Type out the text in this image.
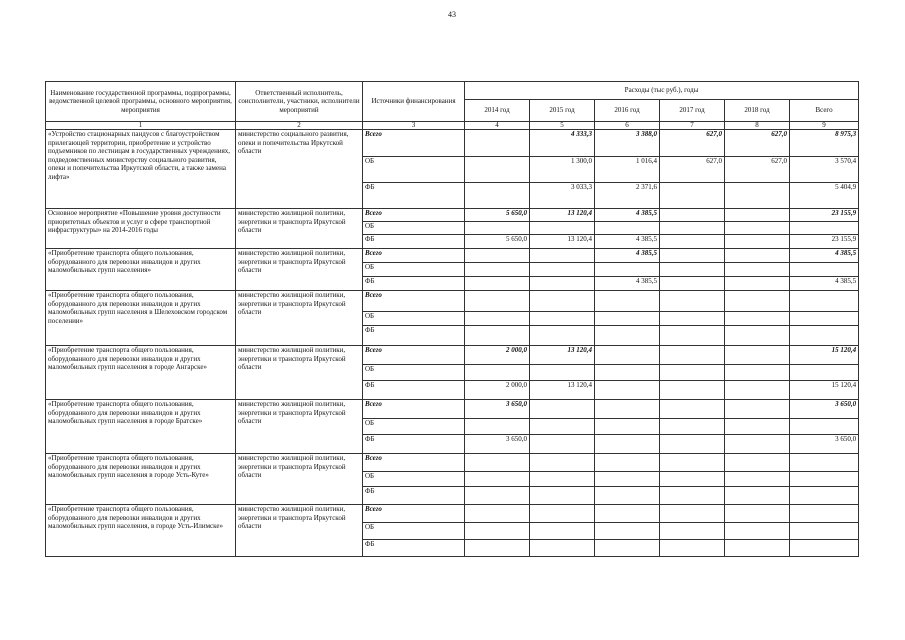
43
Наименование государственной программы, подпрограммы, ведомственной целевой программы, основного мероприятия, мероприятия	Ответственный исполнитель, соисполнители, участники, исполнители мероприятий	Источники финансирования	Расходы (тыс руб.), годы					
			2014 год	2015 год	2016 год	2017 год	2018 год	Всего
1	2	3	4	5	6	7	8	9
«Устройство стационарных пандусов с благоустройством прилегающей территории, приобретение и устройство подъемников по лестницам в государственных учреждениях, подведомственных министерству социального развития, опеки и попечительства Иркутской области, а также замена лифта»	министерство социального развития, опеки и попечительства Иркутской области	Всего		4 333,3	3 388,0	627,0	627,0	8 975,3
		ОБ		1 300,0	1 016,4	627,0	627,0	3 570,4
		ФБ		3 033,3	2 371,6			5 404,9
Основное мероприятие «Повышение уровня доступности приоритетных объектов и услуг в сфере транспортной инфраструктуры» на 2014-2016 годы	министерство жилищной политики, энергетики и транспорта Иркутской области	Всего	5 650,0	13 120,4	4 385,5			23 155,9
		ОБ						
		ФБ	5 650,0	13 120,4	4 385,5			23 155,9
«Приобретение транспорта общего пользования, оборудованного для перевозки инвалидов и других маломобильных групп населения»	министерство жилищной политики, энергетики и транспорта Иркутской области	Всего			4 385,5			4 385,5
		ОБ						
		ФБ			4 385,5			4 385,5
«Приобретение транспорта общего пользования, оборудованного для перевозки инвалидов и других маломобильных групп населения в Шелеховском городском поселении»	министерство жилищной политики, энергетики и транспорта Иркутской области	Всего						
		ОБ						
		ФБ						
«Приобретение транспорта общего пользования, оборудованного для перевозки инвалидов и других маломобильных групп населения в городе Ангарске»	министерство жилищной политики, энергетики и транспорта Иркутской области	Всего	2 000,0	13 120,4				15 120,4
		ОБ						
		ФБ	2 000,0	13 120,4				15 120,4
«Приобретение транспорта общего пользования, оборудованного для перевозки инвалидов и других маломобильных групп населения в городе Братске»	министерство жилищной политики, энергетики и транспорта Иркутской области	Всего	3 650,0					3 650,0
		ОБ						
		ФБ	3 650,0					3 650,0
«Приобретение транспорта общего пользования, оборудованного для перевозки инвалидов и других маломобильных групп населения в городе Усть-Куте»	министерство жилищной политики, энергетики и транспорта Иркутской области	Всего						
		ОБ						
		ФБ						
«Приобретение транспорта общего пользования, оборудованного для перевозки инвалидов и других маломобильных групп населения, в городе Усть-Илимске»	министерство жилищной политики, энергетики и транспорта Иркутской области	Всего						
		ОБ						
		ФБ						
